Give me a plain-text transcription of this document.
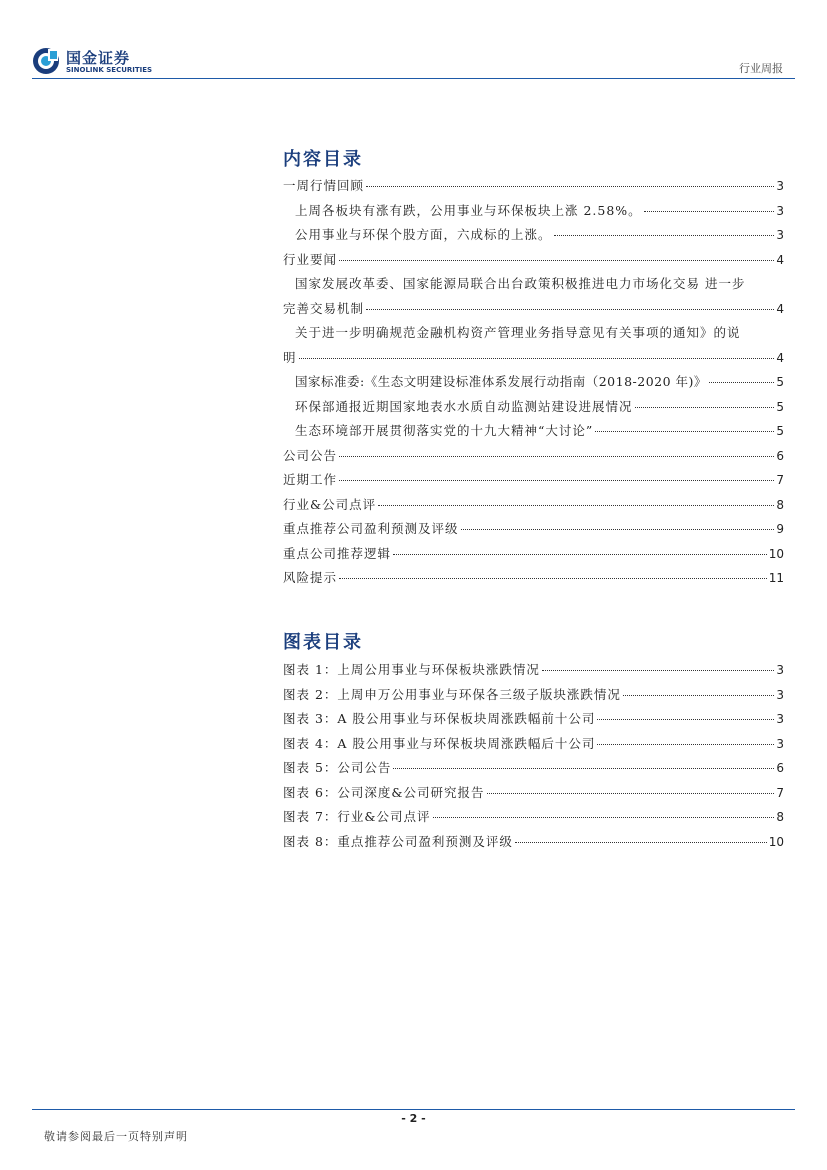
国金证券
SINOLINK SECURITIES	行业周报
内容目录
一周行情回顾	3
上周各板块有涨有跌，公用事业与环保板块上涨 2.58%。	3
公用事业与环保个股方面，六成标的上涨。	3
行业要闻	4
国家发展改革委、国家能源局联合出台政策积极推进电力市场化交易 进一步
完善交易机制	4
关于进一步明确规范金融机构资产管理业务指导意见有关事项的通知》的说
明	4
国家标准委:《生态文明建设标准体系发展行动指南（2018-2020 年)》	5
环保部通报近期国家地表水水质自动监测站建设进展情况	5
生态环境部开展贯彻落实党的十九大精神“大讨论”	5
公司公告	6
近期工作	7
行业&公司点评	8
重点推荐公司盈利预测及评级	9
重点公司推荐逻辑	10
风险提示	11
图表目录
图表 1：上周公用事业与环保板块涨跌情况	3
图表 2：上周申万公用事业与环保各三级子版块涨跌情况	3
图表 3：A 股公用事业与环保板块周涨跌幅前十公司	3
图表 4：A 股公用事业与环保板块周涨跌幅后十公司	3
图表 5：公司公告	6
图表 6：公司深度&公司研究报告	7
图表 7：行业&公司点评	8
图表 8：重点推荐公司盈利预测及评级	10
- 2 -
敬请参阅最后一页特别声明
